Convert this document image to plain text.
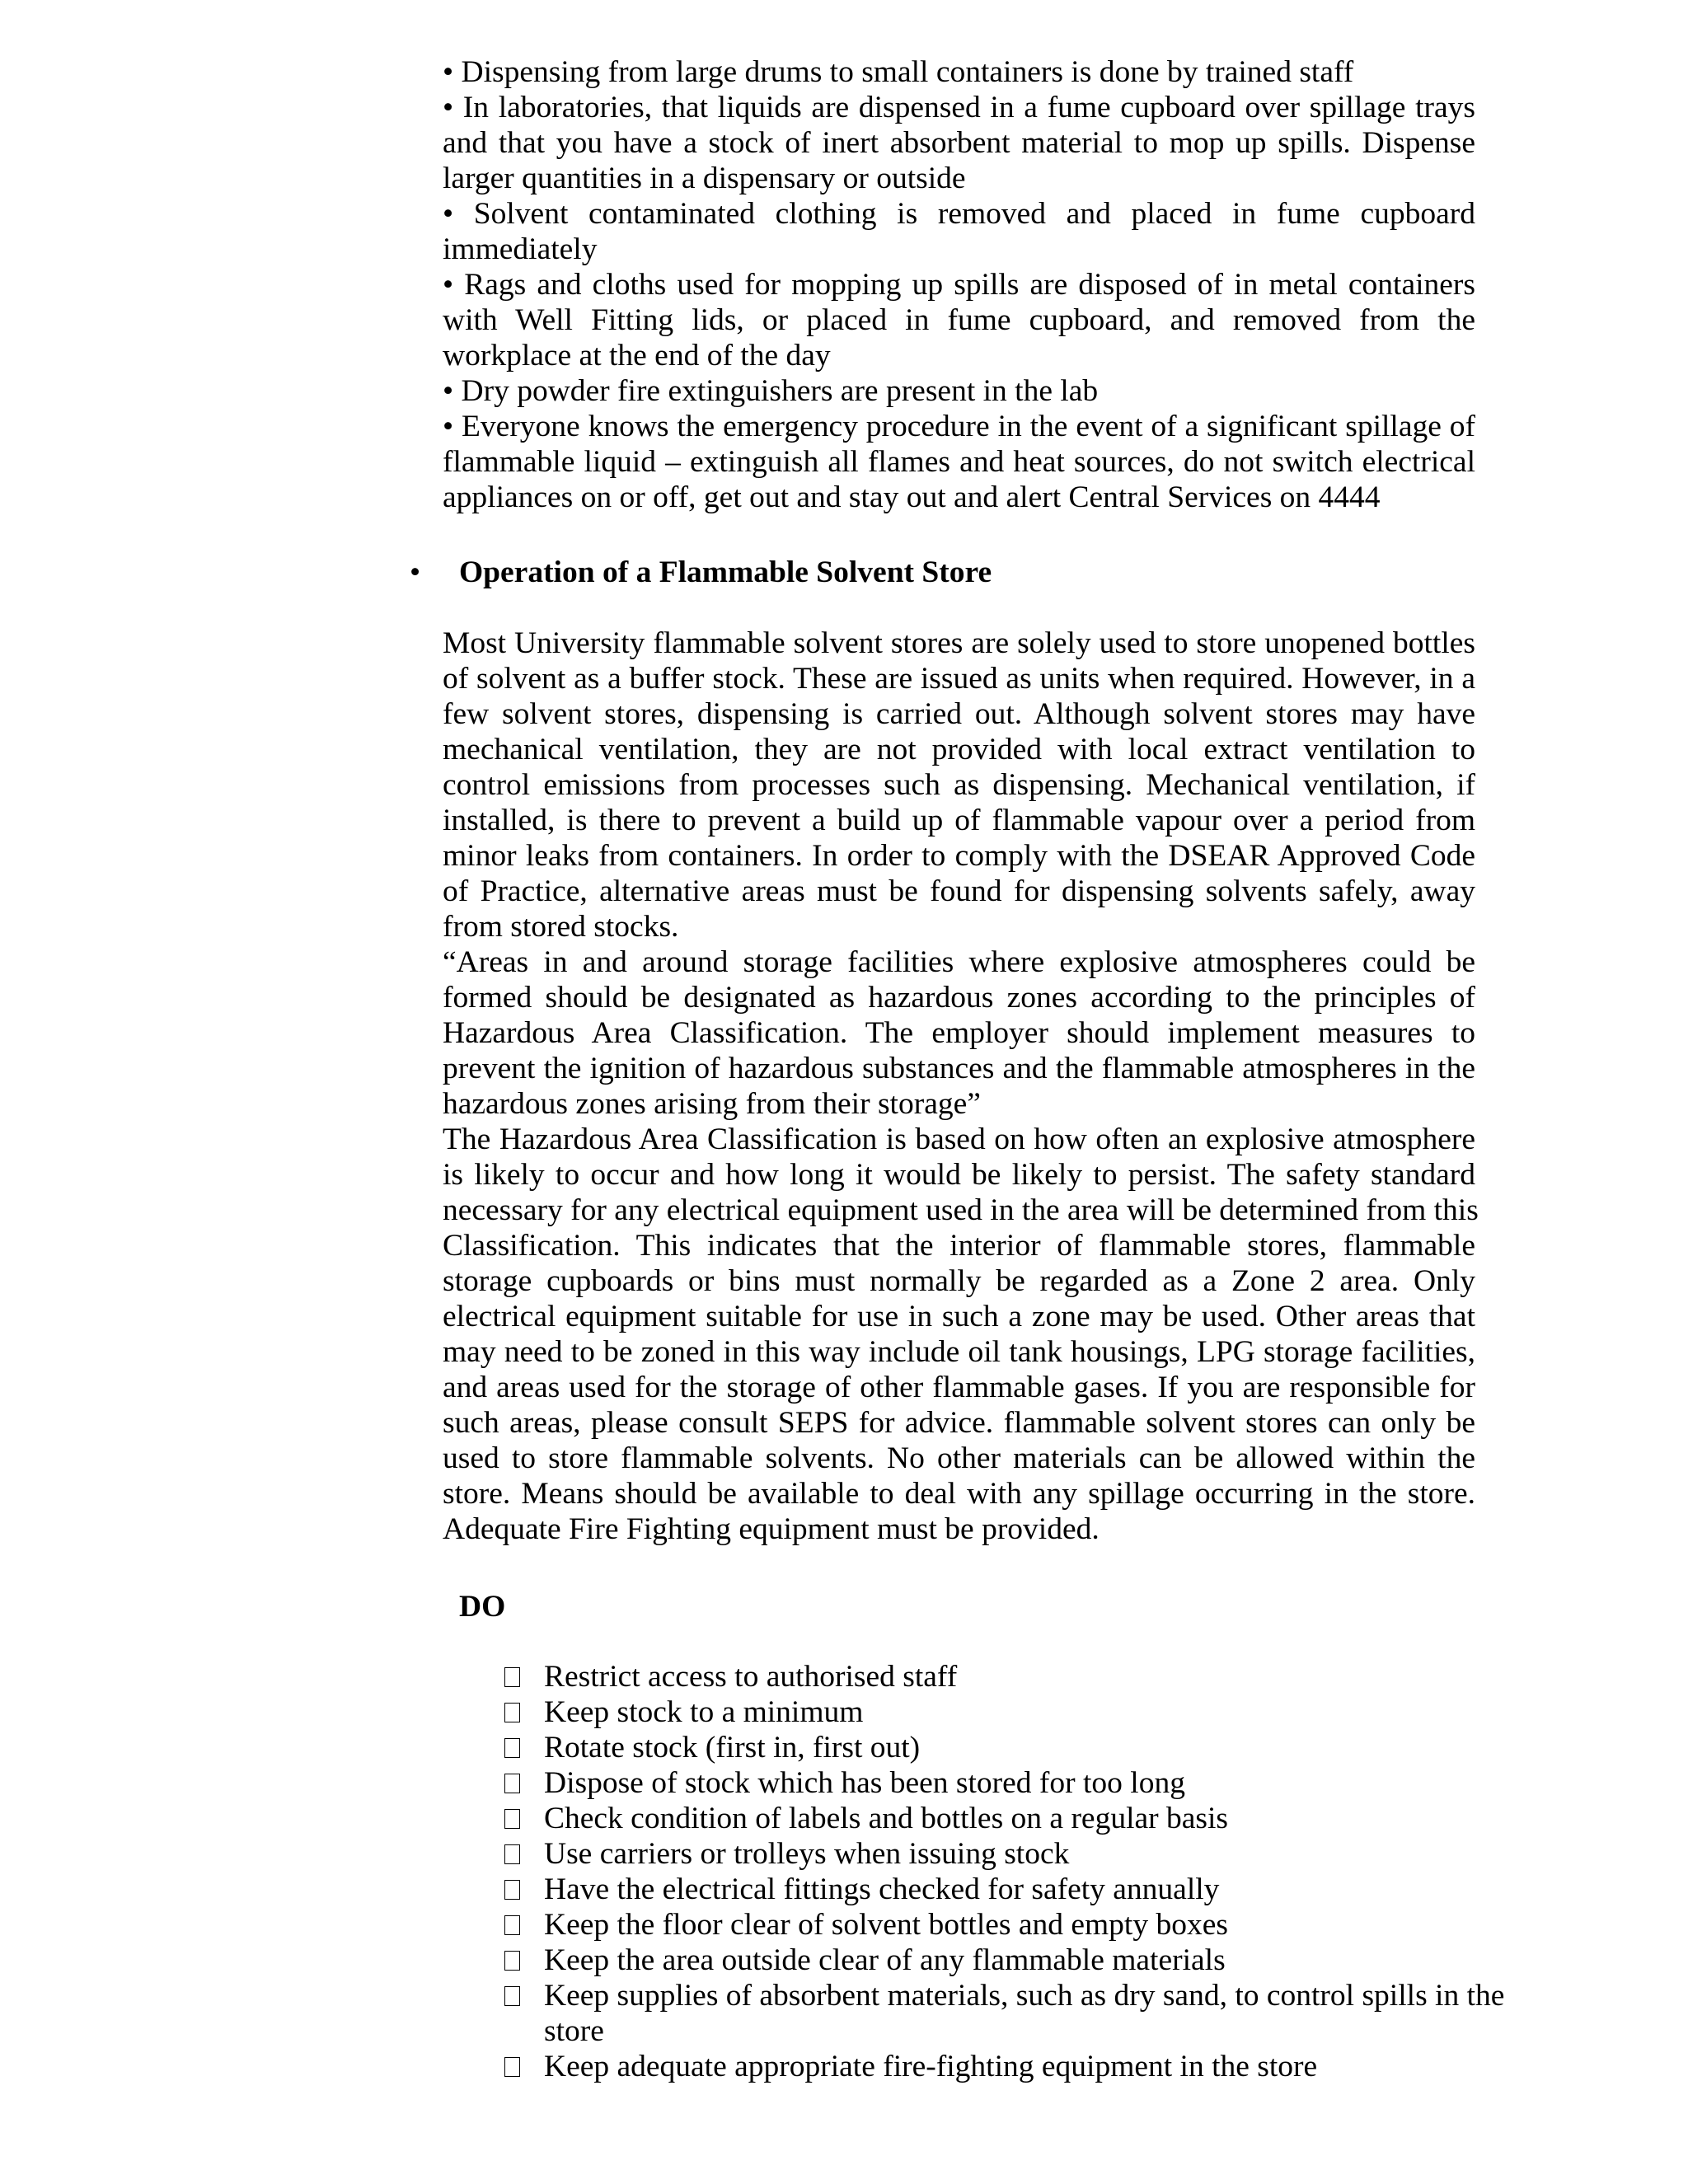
• Dispensing from large drums to small containers is done by trained staff
• In laboratories, that liquids are dispensed in a fume cupboard over spillage trays
and that you have a stock of inert absorbent material to mop up spills. Dispense
larger quantities in a dispensary or outside
• Solvent contaminated clothing is removed and placed in fume cupboard
immediately
• Rags and cloths used for mopping up spills are disposed of in metal containers
with Well Fitting lids, or placed in fume cupboard, and removed from the
workplace at the end of the day
• Dry powder fire extinguishers are present in the lab
• Everyone knows the emergency procedure in the event of a significant spillage of
flammable liquid – extinguish all flames and heat sources, do not switch electrical
appliances on or off, get out and stay out and alert Central Services on 4444
• Operation of a Flammable Solvent Store
Most University flammable solvent stores are solely used to store unopened bottles
of solvent as a buffer stock. These are issued as units when required. However, in a
few solvent stores, dispensing is carried out. Although solvent stores may have
mechanical ventilation, they are not provided with local extract ventilation to
control emissions from processes such as dispensing. Mechanical ventilation, if
installed, is there to prevent a build up of flammable vapour over a period from
minor leaks from containers. In order to comply with the DSEAR Approved Code
of Practice, alternative areas must be found for dispensing solvents safely, away
from stored stocks.
“Areas in and around storage facilities where explosive atmospheres could be
formed should be designated as hazardous zones according to the principles of
Hazardous Area Classification. The employer should implement measures to
prevent the ignition of hazardous substances and the flammable atmospheres in the
hazardous zones arising from their storage”
The Hazardous Area Classification is based on how often an explosive atmosphere
is likely to occur and how long it would be likely to persist. The safety standard
necessary for any electrical equipment used in the area will be determined from this
Classification. This indicates that the interior of flammable stores, flammable
storage cupboards or bins must normally be regarded as a Zone 2 area. Only
electrical equipment suitable for use in such a zone may be used. Other areas that
may need to be zoned in this way include oil tank housings, LPG storage facilities,
and areas used for the storage of other flammable gases. If you are responsible for
such areas, please consult SEPS for advice. flammable solvent stores can only be
used to store flammable solvents. No other materials can be allowed within the
store. Means should be available to deal with any spillage occurring in the store.
Adequate Fire Fighting equipment must be provided.
DO
Restrict access to authorised staff
Keep stock to a minimum
Rotate stock (first in, first out)
Dispose of stock which has been stored for too long
Check condition of labels and bottles on a regular basis
Use carriers or trolleys when issuing stock
Have the electrical fittings checked for safety annually
Keep the floor clear of solvent bottles and empty boxes
Keep the area outside clear of any flammable materials
Keep supplies of absorbent materials, such as dry sand, to control spills in the store
Keep adequate appropriate fire-fighting equipment in the store
